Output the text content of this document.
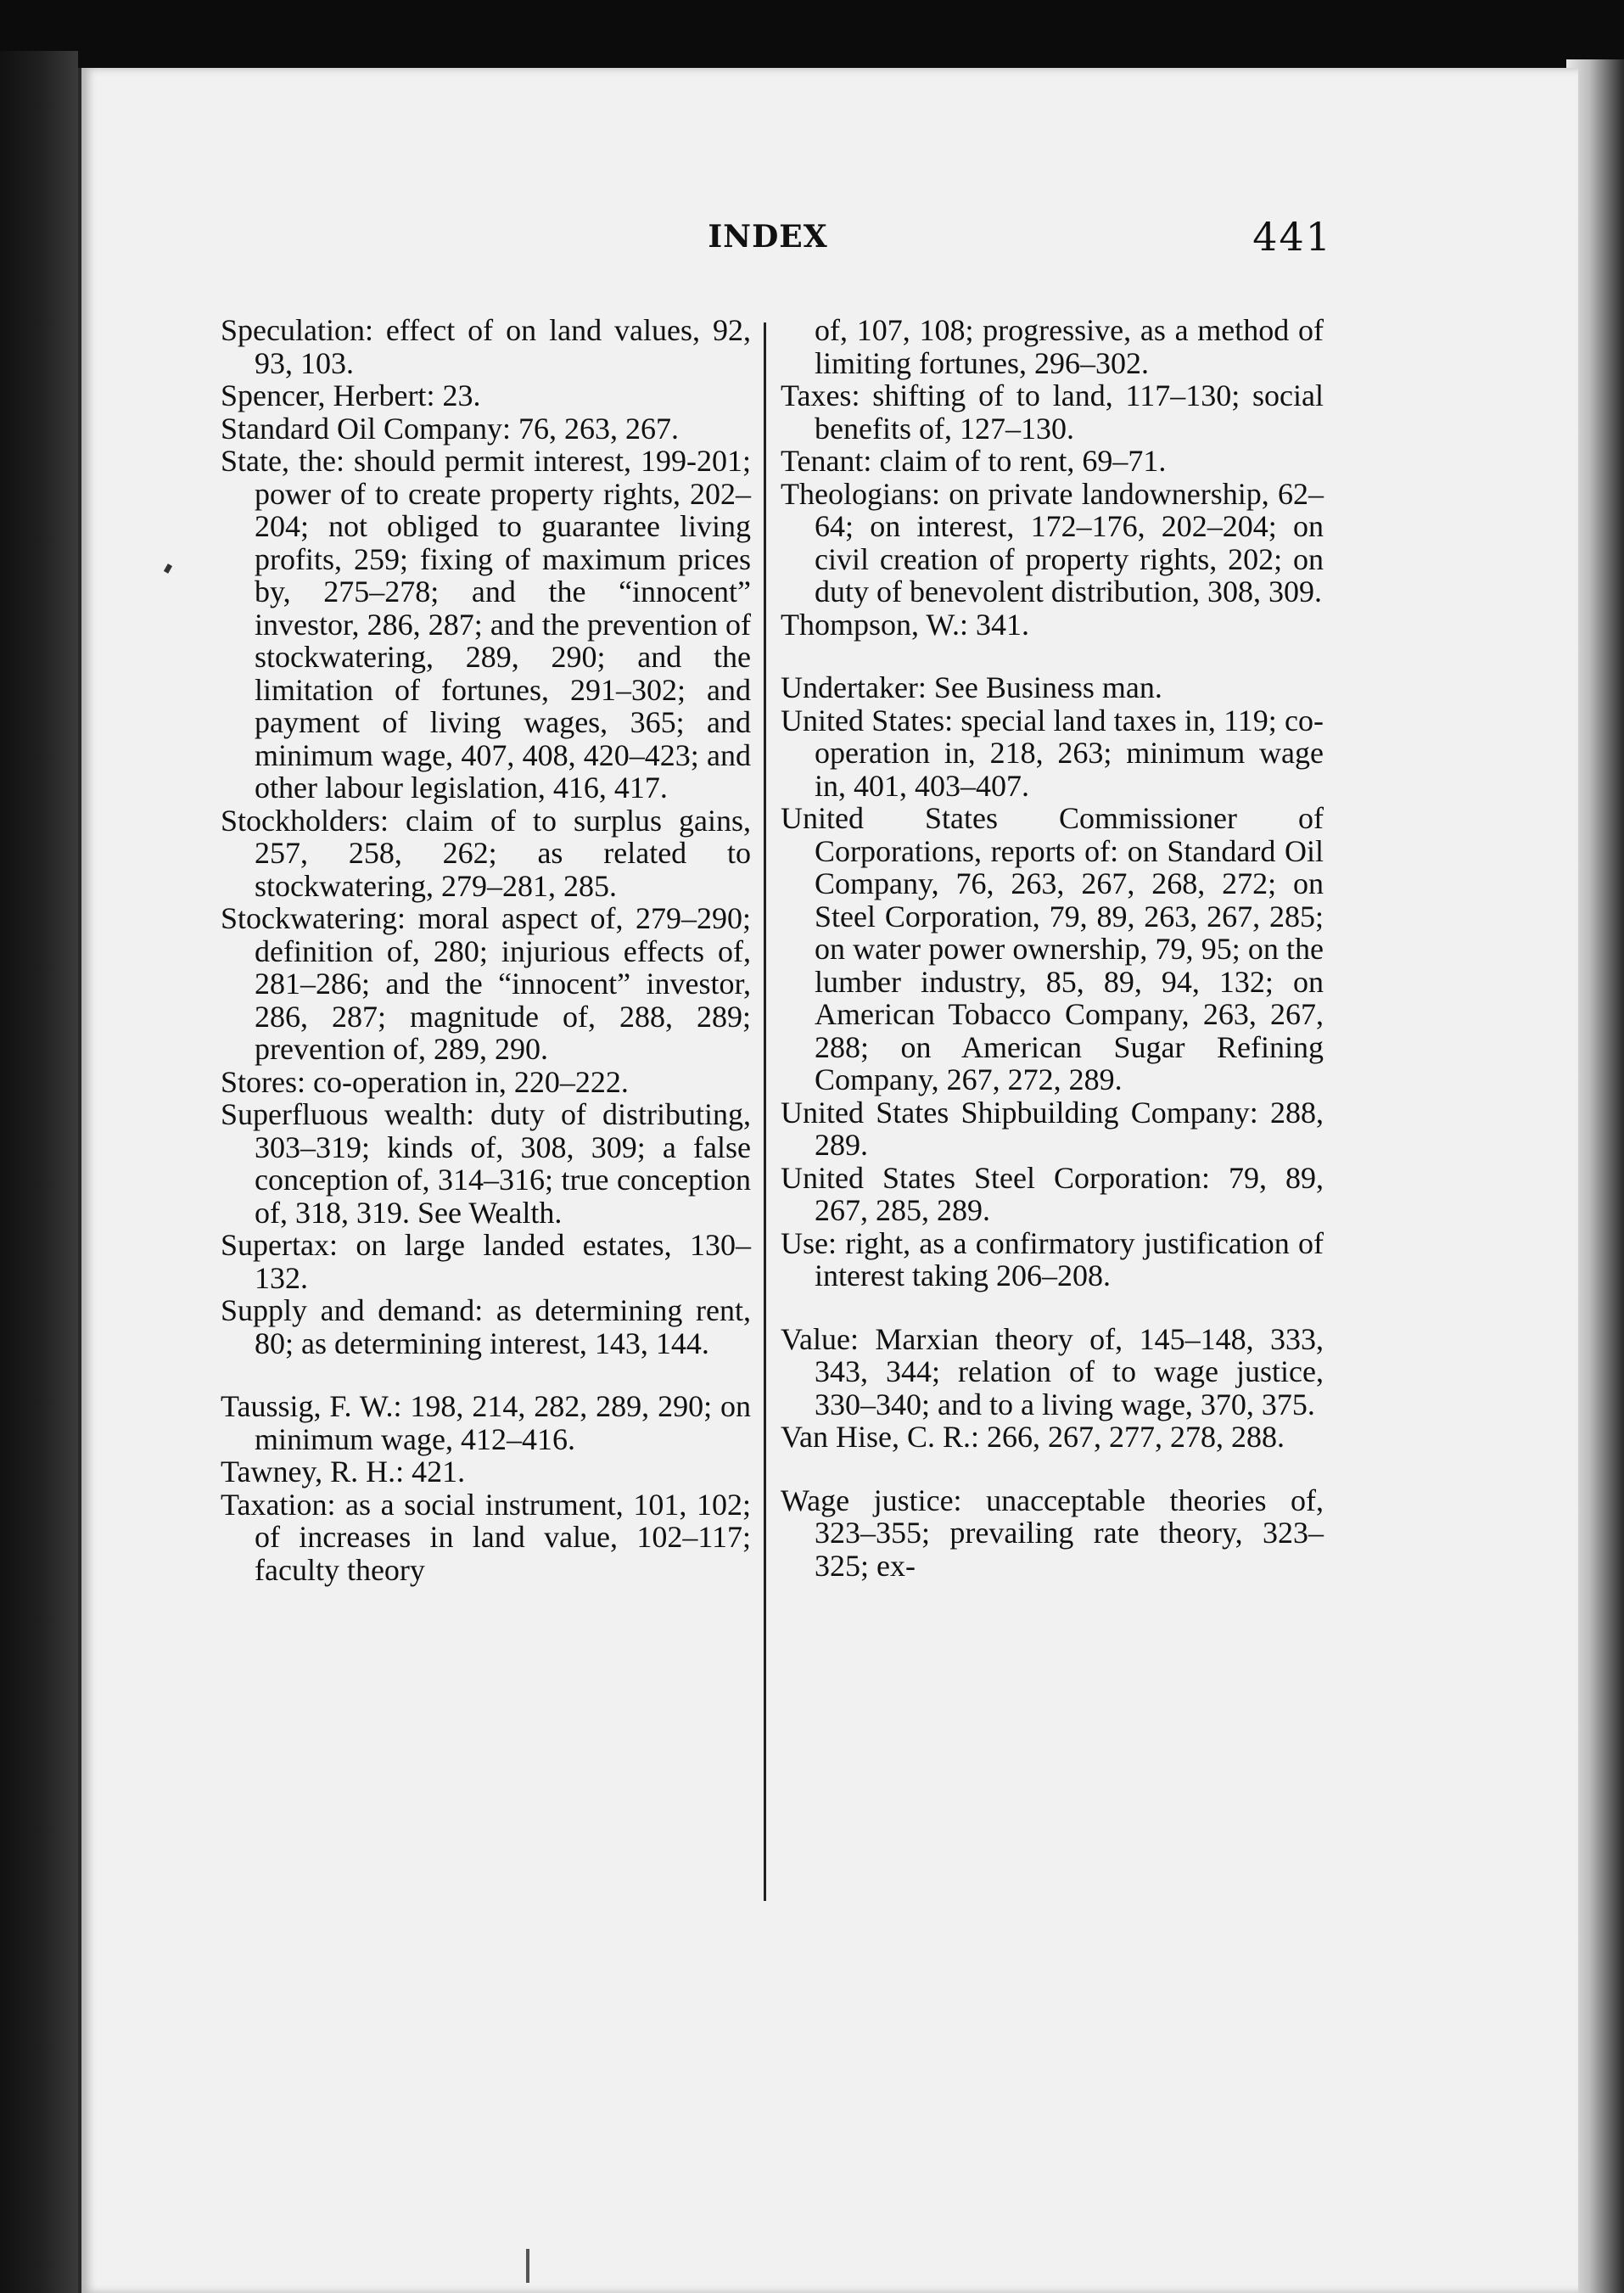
INDEX	441

Speculation: effect of on land values, 92, 93, 103.

Spencer, Herbert: 23.

Standard Oil Company: 76, 263, 267.

State, the: should permit interest, 199-201; power of to create property rights, 202–204; not obliged to guarantee living profits, 259; fixing of maximum prices by, 275–278; and the “innocent” investor, 286, 287; and the prevention of stockwatering, 289, 290; and the limitation of fortunes, 291–302; and payment of living wages, 365; and minimum wage, 407, 408, 420–423; and other labour legislation, 416, 417.

Stockholders: claim of to surplus gains, 257, 258, 262; as related to stockwatering, 279–281, 285.

Stockwatering: moral aspect of, 279–290; definition of, 280; injurious effects of, 281–286; and the “innocent” investor, 286, 287; magnitude of, 288, 289; prevention of, 289, 290.

Stores: co-operation in, 220–222.

Superfluous wealth: duty of distributing, 303–319; kinds of, 308, 309; a false conception of, 314–316; true conception of, 318, 319. See Wealth.

Supertax: on large landed estates, 130–132.

Supply and demand: as determining rent, 80; as determining interest, 143, 144.

Taussig, F. W.: 198, 214, 282, 289, 290; on minimum wage, 412–416.

Tawney, R. H.: 421.

Taxation: as a social instrument, 101, 102; of increases in land value, 102–117; faculty theory

of, 107, 108; progressive, as a method of limiting fortunes, 296–302.

Taxes: shifting of to land, 117–130; social benefits of, 127–130.

Tenant: claim of to rent, 69–71.

Theologians: on private landownership, 62–64; on interest, 172–176, 202–204; on civil creation of property rights, 202; on duty of benevolent distribution, 308, 309.

Thompson, W.: 341.

Undertaker: See Business man.

United States: special land taxes in, 119; co-operation in, 218, 263; minimum wage in, 401, 403–407.

United States Commissioner of Corporations, reports of: on Standard Oil Company, 76, 263, 267, 268, 272; on Steel Corporation, 79, 89, 263, 267, 285; on water power ownership, 79, 95; on the lumber industry, 85, 89, 94, 132; on American Tobacco Company, 263, 267, 288; on American Sugar Refining Company, 267, 272, 289.

United States Shipbuilding Company: 288, 289.

United States Steel Corporation: 79, 89, 267, 285, 289.

Use: right, as a confirmatory justification of interest taking 206–208.

Value: Marxian theory of, 145–148, 333, 343, 344; relation of to wage justice, 330–340; and to a living wage, 370, 375.

Van Hise, C. R.: 266, 267, 277, 278, 288.

Wage justice: unacceptable theories of, 323–355; prevailing rate theory, 323–325; ex-
